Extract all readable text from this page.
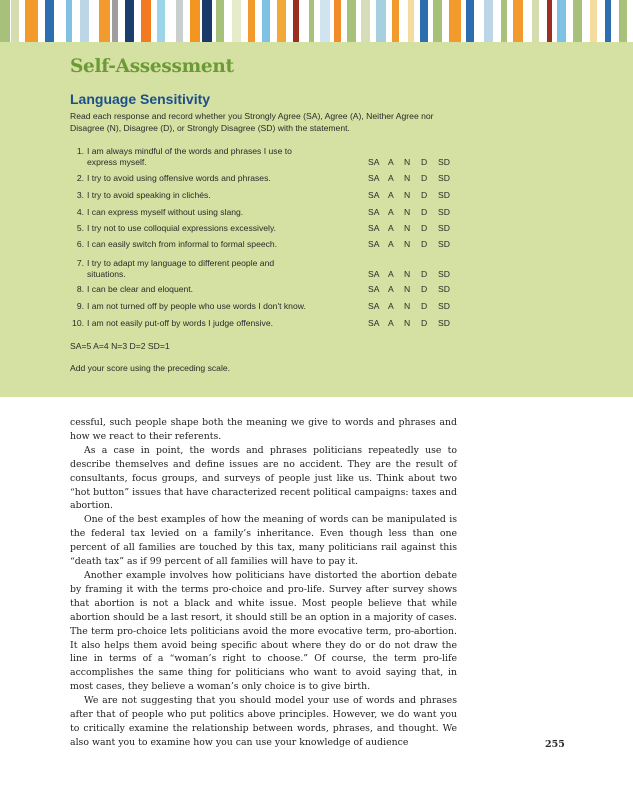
Self-Assessment
Language Sensitivity

Read each response and record whether you Strongly Agree (SA), Agree (A), Neither Agree nor Disagree (N), Disagree (D), or Strongly Disagree (SD) with the statement.

1. I am always mindful of the words and phrases I use to express myself.	SA A N D SD
2. I try to avoid using offensive words and phrases.	SA A N D SD
3. I try to avoid speaking in clichés.	SA A N D SD
4. I can express myself without using slang.	SA A N D SD
5. I try not to use colloquial expressions excessively.	SA A N D SD
6. I can easily switch from informal to formal speech.	SA A N D SD
7. I try to adapt my language to different people and situations.	SA A N D SD
8. I can be clear and eloquent.	SA A N D SD
9. I am not turned off by people who use words I don't know.	SA A N D SD
10. I am not easily put-off by words I judge offensive.	SA A N D SD

SA=5 A=4 N=3 D=2 SD=1

Add your score using the preceding scale.

cessful, such people shape both the meaning we give to words and phrases and how we react to their referents.

As a case in point, the words and phrases politicians repeatedly use to describe themselves and define issues are no accident. They are the result of consultants, focus groups, and surveys of people just like us. Think about two “hot button” issues that have characterized recent political campaigns: taxes and abortion.

One of the best examples of how the meaning of words can be manipulated is the federal tax levied on a family’s inheritance. Even though less than one percent of all families are touched by this tax, many politicians rail against this “death tax” as if 99 percent of all families will have to pay it.

Another example involves how politicians have distorted the abortion debate by framing it with the terms pro-choice and pro-life. Survey after survey shows that abortion is not a black and white issue. Most people believe that while abortion should be a last resort, it should still be an option in a majority of cases. The term pro-choice lets politicians avoid the more evocative term, pro-abortion. It also helps them avoid being specific about where they do or do not draw the line in terms of a “woman’s right to choose.” Of course, the term pro-life accomplishes the same thing for politicians who want to avoid saying that, in most cases, they believe a woman’s only choice is to give birth.

We are not suggesting that you should model your use of words and phrases after that of people who put politics above principles. However, we do want you to critically examine the relationship between words, phrases, and thought. We also want you to examine how you can use your knowledge of audience	255
